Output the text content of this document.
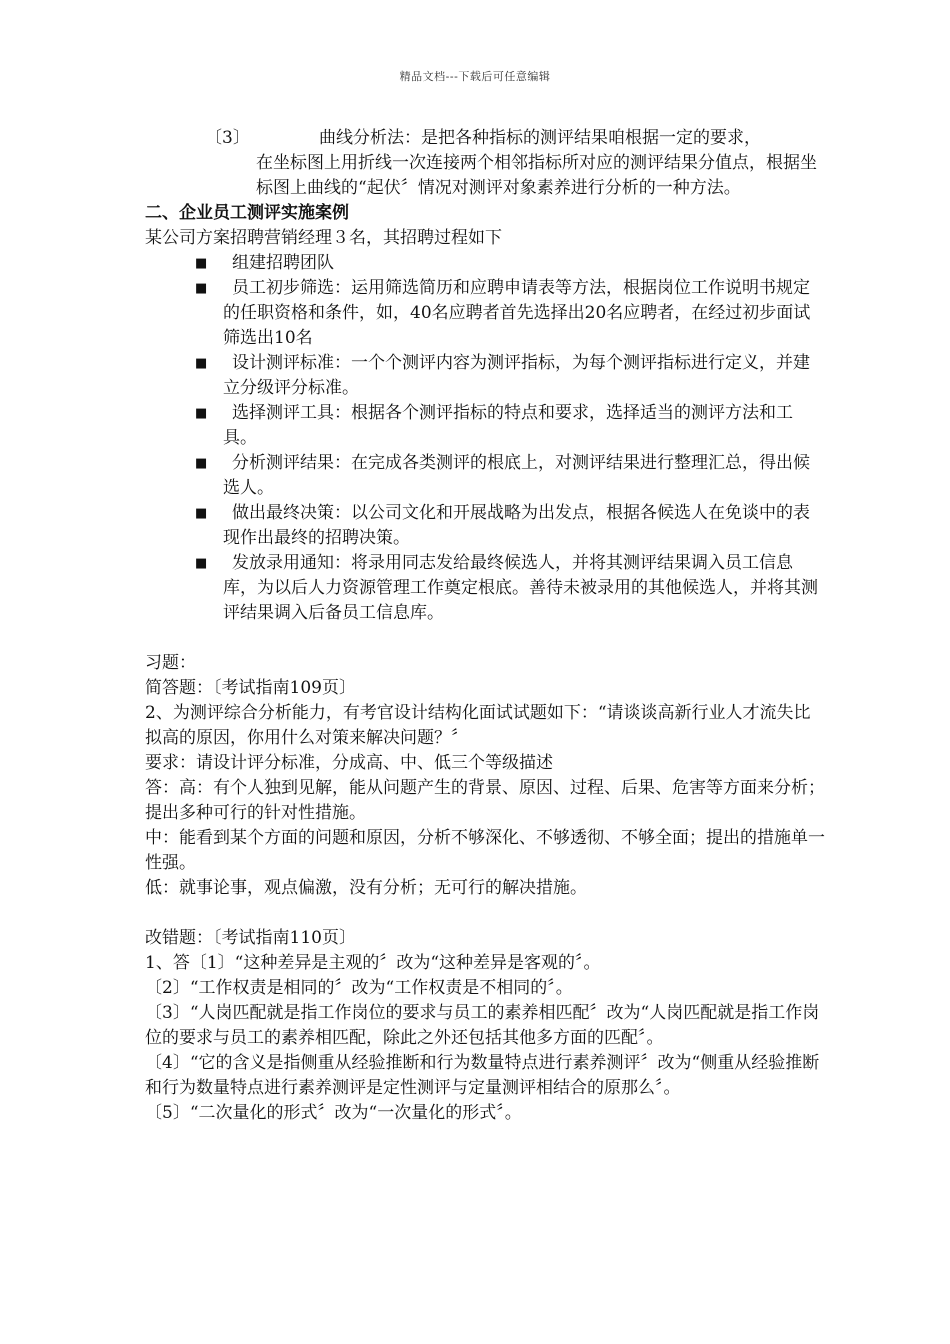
精品文档---下载后可任意编辑
〔3〕	曲线分析法：是把各种指标的测评结果咱根据一定的要求，
在坐标图上用折线一次连接两个相邻指标所对应的测评结果分值点，根据坐标图上曲线的“起伏〞情况对测评对象素养进行分析的一种方法。

二、企业员工测评实施案例

某公司方案招聘营销经理３名，其招聘过程如下

■	组建招聘团队
■	员工初步筛选：运用筛选简历和应聘申请表等方法，根据岗位工作说明书规定的任职资格和条件，如，40名应聘者首先选择出20名应聘者，在经过初步面试筛选出10名
■	设计测评标准：一个个测评内容为测评指标，为每个测评指标进行定义，并建立分级评分标准。
■	选择测评工具：根据各个测评指标的特点和要求，选择适当的测评方法和工具。
■	分析测评结果：在完成各类测评的根底上，对测评结果进行整理汇总，得出候选人。
■	做出最终决策：以公司文化和开展战略为出发点，根据各候选人在免谈中的表现作出最终的招聘决策。
■	发放录用通知：将录用同志发给最终候选人，并将其测评结果调入员工信息库，为以后人力资源管理工作奠定根底。善待未被录用的其他候选人，并将其测评结果调入后备员工信息库。

习题：

简答题：〔考试指南109页〕

2、为测评综合分析能力，有考官设计结构化面试试题如下：“请谈谈高新行业人才流失比拟高的原因，你用什么对策来解决问题？〞

要求：请设计评分标准，分成高、中、低三个等级描述

答：高：有个人独到见解，能从问题产生的背景、原因、过程、后果、危害等方面来分析；提出多种可行的针对性措施。

中：能看到某个方面的问题和原因，分析不够深化、不够透彻、不够全面；提出的措施单一性强。

低：就事论事，观点偏激，没有分析；无可行的解决措施。

改错题：〔考试指南110页〕

1、答〔1〕“这种差异是主观的〞改为“这种差异是客观的〞。

〔2〕“工作权责是相同的〞改为“工作权责是不相同的〞。

〔3〕“人岗匹配就是指工作岗位的要求与员工的素养相匹配〞改为“人岗匹配就是指工作岗位的要求与员工的素养相匹配，除此之外还包括其他多方面的匹配〞。

〔4〕“它的含义是指侧重从经验推断和行为数量特点进行素养测评〞改为“侧重从经验推断和行为数量特点进行素养测评是定性测评与定量测评相结合的原那么〞。

〔5〕“二次量化的形式〞改为“一次量化的形式〞。
